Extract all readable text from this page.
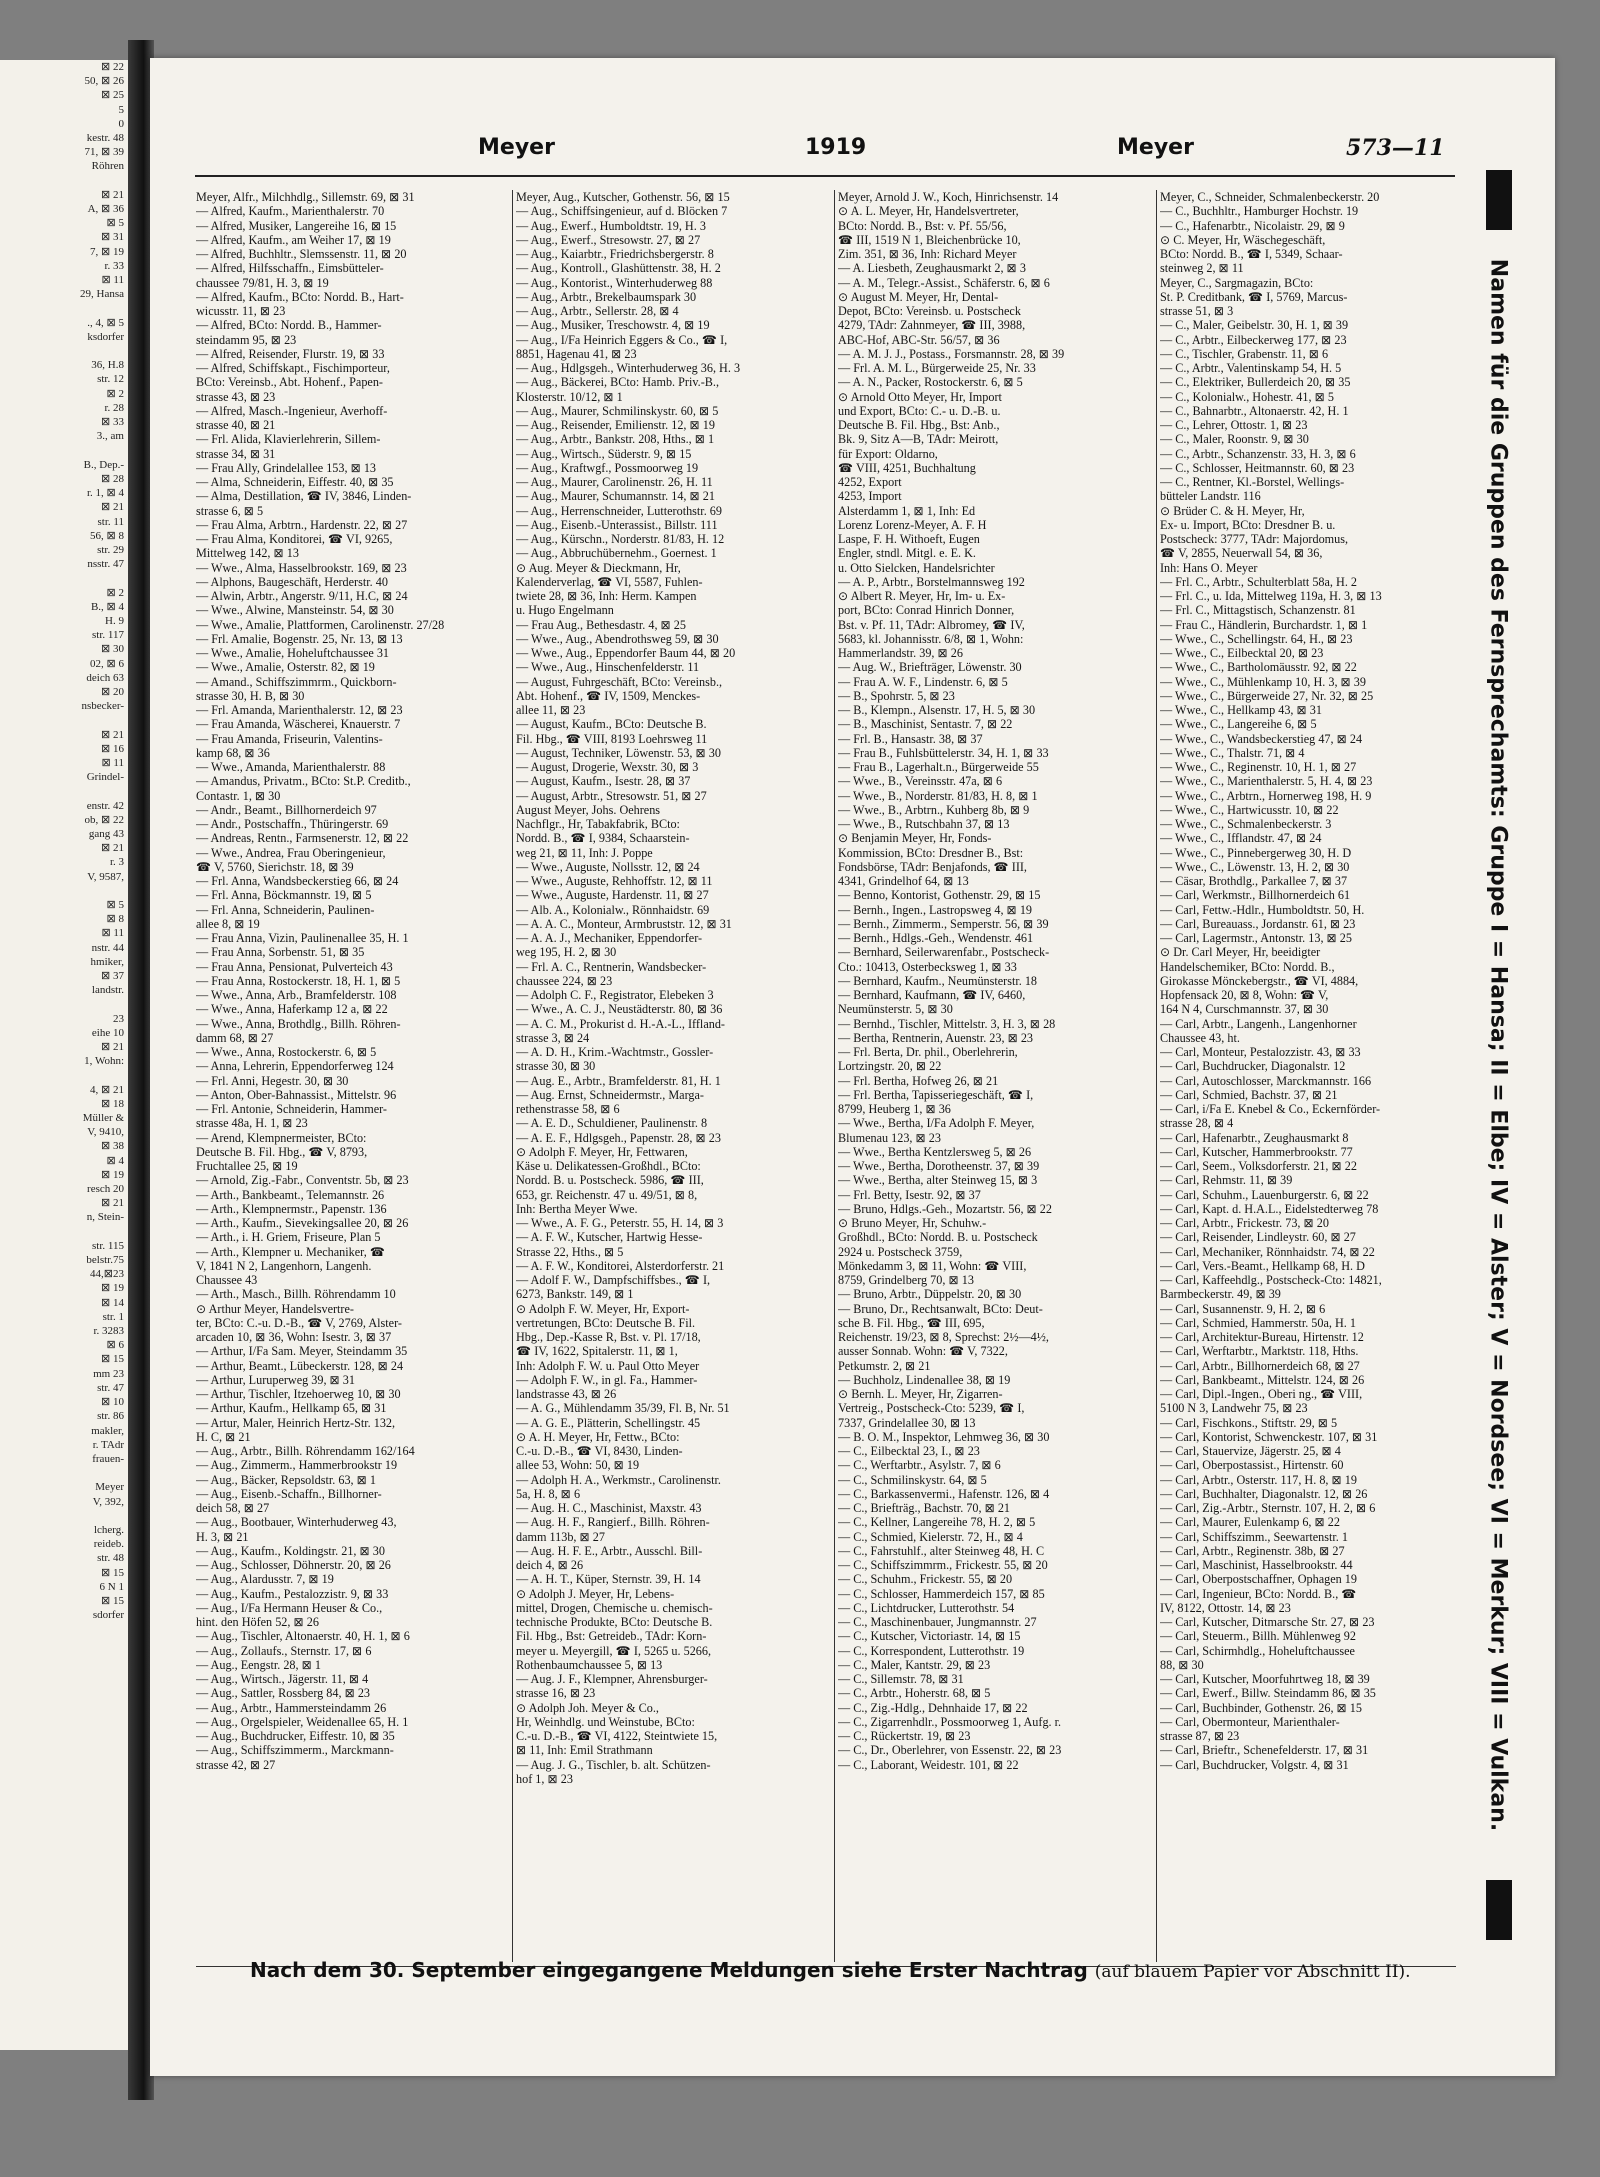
⊠ 22
50, ⊠ 26
⊠ 25
5
0
kestr. 48
71, ⊠ 39
Röhren

⊠ 21
A, ⊠ 36
⊠ 5
⊠ 31
7, ⊠ 19
r. 33
⊠ 11
29, Hansa

., 4, ⊠ 5
ksdorfer

36, H.8
str. 12
⊠ 2
r. 28
⊠ 33
3., am

B., Dep.-
⊠ 28
r. 1, ⊠ 4
⊠ 21
str. 11
56, ⊠ 8
str. 29
nsstr. 47

⊠ 2
B., ⊠ 4
H. 9
str. 117
⊠ 30
02, ⊠ 6
deich 63
⊠ 20
nsbecker-

⊠ 21
⊠ 16
⊠ 11
Grindel-

enstr. 42
ob, ⊠ 22
gang 43
⊠ 21
r. 3
V, 9587,

⊠ 5
⊠ 8
⊠ 11
nstr. 44
hmiker,
⊠ 37
landstr.

23
eihe 10
⊠ 21
1, Wohn:

4, ⊠ 21
⊠ 18
Müller &
V, 9410,
⊠ 38
⊠ 4
⊠ 19
resch 20
⊠ 21
n, Stein-

str. 115
belstr.75
44,⊠23
⊠ 19
⊠ 14
str. 1
r. 3283
⊠ 6
⊠ 15
mm 23
str. 47
⊠ 10
str. 86
makler,
r. TAdr
frauen-

Meyer
V, 392,

lcherg.
reideb.
str. 48
⊠ 15
6 N 1
⊠ 15
sdorfer
Meyer	1919	Meyer	573—11

Meyer, Alfr., Milchhdlg., Sillemstr. 69, ⊠ 31

— Alfred, Kaufm., Marienthalerstr. 70

— Alfred, Musiker, Langereihe 16, ⊠ 15

— Alfred, Kaufm., am Weiher 17, ⊠ 19

— Alfred, Buchhltr., Slemssenstr. 11, ⊠ 20

— Alfred, Hilfsschaffn., Eimsbütteler-

chaussee 79/81, H. 3, ⊠ 19

— Alfred, Kaufm., BCto: Nordd. B., Hart-

wicusstr. 11, ⊠ 23

— Alfred, BCto: Nordd. B., Hammer-

steindamm 95, ⊠ 23

— Alfred, Reisender, Flurstr. 19, ⊠ 33

— Alfred, Schiffskapt., Fischimporteur,

BCto: Vereinsb., Abt. Hohenf., Papen-

strasse 43, ⊠ 23

— Alfred, Masch.-Ingenieur, Averhoff-

strasse 40, ⊠ 21

— Frl. Alida, Klavierlehrerin, Sillem-

strasse 34, ⊠ 31

— Frau Ally, Grindelallee 153, ⊠ 13

— Alma, Schneiderin, Eiffestr. 40, ⊠ 35

— Alma, Destillation, ☎ IV, 3846, Linden-

strasse 6, ⊠ 5

— Frau Alma, Arbtrn., Hardenstr. 22, ⊠ 27

— Frau Alma, Konditorei, ☎ VI, 9265,

Mittelweg 142, ⊠ 13

— Wwe., Alma, Hasselbrookstr. 169, ⊠ 23

— Alphons, Baugeschäft, Herderstr. 40

— Alwin, Arbtr., Angerstr. 9/11, H.C, ⊠ 24

— Wwe., Alwine, Mansteinstr. 54, ⊠ 30

— Wwe., Amalie, Plattformen, Carolinenstr. 27/28

— Frl. Amalie, Bogenstr. 25, Nr. 13, ⊠ 13

— Wwe., Amalie, Hoheluftchaussee 31

— Wwe., Amalie, Osterstr. 82, ⊠ 19

— Amand., Schiffszimmrm., Quickborn-

strasse 30, H. B, ⊠ 30

— Frl. Amanda, Marienthalerstr. 12, ⊠ 23

— Frau Amanda, Wäscherei, Knauerstr. 7

— Frau Amanda, Friseurin, Valentins-

kamp 68, ⊠ 36

— Wwe., Amanda, Marienthalerstr. 88

— Amandus, Privatm., BCto: St.P. Creditb.,

Contastr. 1, ⊠ 30

— Andr., Beamt., Billhornerdeich 97

— Andr., Postschaffn., Thüringerstr. 69

— Andreas, Rentn., Farmsenerstr. 12, ⊠ 22

— Wwe., Andrea, Frau Oberingenieur,

☎ V, 5760, Sierichstr. 18, ⊠ 39

— Frl. Anna, Wandsbeckerstieg 66, ⊠ 24

— Frl. Anna, Böckmannstr. 19, ⊠ 5

— Frl. Anna, Schneiderin, Paulinen-

allee 8, ⊠ 19

— Frau Anna, Vizin, Paulinenallee 35, H. 1

— Frau Anna, Sorbenstr. 51, ⊠ 35

— Frau Anna, Pensionat, Pulverteich 43

— Frau Anna, Rostockerstr. 18, H. 1, ⊠ 5

— Wwe., Anna, Arb., Bramfelderstr. 108

— Wwe., Anna, Haferkamp 12 a, ⊠ 22

— Wwe., Anna, Brothdlg., Billh. Röhren-

damm 68, ⊠ 27

— Wwe., Anna, Rostockerstr. 6, ⊠ 5

— Anna, Lehrerin, Eppendorferweg 124

— Frl. Anni, Hegestr. 30, ⊠ 30

— Anton, Ober-Bahnassist., Mittelstr. 96

— Frl. Antonie, Schneiderin, Hammer-

strasse 48a, H. 1, ⊠ 23

— Arend, Klempnermeister, BCto:

Deutsche B. Fil. Hbg., ☎ V, 8793,

Fruchtallee 25, ⊠ 19

— Arnold, Zig.-Fabr., Conventstr. 5b, ⊠ 23

— Arth., Bankbeamt., Telemannstr. 26

— Arth., Klempnermstr., Papenstr. 136

— Arth., Kaufm., Sievekingsallee 20, ⊠ 26

— Arth., i. H. Griem, Friseure, Plan 5

— Arth., Klempner u. Mechaniker, ☎

V, 1841 N 2, Langenhorn, Langenh.

Chaussee 43

— Arth., Masch., Billh. Röhrendamm 10

⊙ Arthur Meyer, Handelsvertre-

ter, BCto: C.-u. D.-B., ☎ V, 2769, Alster-

arcaden 10, ⊠ 36, Wohn: Isestr. 3, ⊠ 37

— Arthur, I/Fa Sam. Meyer, Steindamm 35

— Arthur, Beamt., Lübeckerstr. 128, ⊠ 24

— Arthur, Luruperweg 39, ⊠ 31

— Arthur, Tischler, Itzehoerweg 10, ⊠ 30

— Arthur, Kaufm., Hellkamp 65, ⊠ 31

— Artur, Maler, Heinrich Hertz-Str. 132,

H. C, ⊠ 21

— Aug., Arbtr., Billh. Röhrendamm 162/164

— Aug., Zimmerm., Hammerbrookstr 19

— Aug., Bäcker, Repsoldstr. 63, ⊠ 1

— Aug., Eisenb.-Schaffn., Billhorner-

deich 58, ⊠ 27

— Aug., Bootbauer, Winterhuderweg 43,

H. 3, ⊠ 21

— Aug., Kaufm., Koldingstr. 21, ⊠ 30

— Aug., Schlosser, Döhnerstr. 20, ⊠ 26

— Aug., Alardusstr. 7, ⊠ 19

— Aug., Kaufm., Pestalozzistr. 9, ⊠ 33

— Aug., I/Fa Hermann Heuser & Co.,

hint. den Höfen 52, ⊠ 26

— Aug., Tischler, Altonaerstr. 40, H. 1, ⊠ 6

— Aug., Zollaufs., Sternstr. 17, ⊠ 6

— Aug., Eengstr. 28, ⊠ 1

— Aug., Wirtsch., Jägerstr. 11, ⊠ 4

— Aug., Sattler, Rossberg 84, ⊠ 23

— Aug., Arbtr., Hammersteindamm 26

— Aug., Orgelspieler, Weidenallee 65, H. 1

— Aug., Buchdrucker, Eiffestr. 10, ⊠ 35

— Aug., Schiffszimmerm., Marckmann-

strasse 42, ⊠ 27

Meyer, Aug., Kutscher, Gothenstr. 56, ⊠ 15

— Aug., Schiffsingenieur, auf d. Blöcken 7

— Aug., Ewerf., Humboldtstr. 19, H. 3

— Aug., Ewerf., Stresowstr. 27, ⊠ 27

— Aug., Kaiarbtr., Friedrichsbergerstr. 8

— Aug., Kontroll., Glashüttenstr. 38, H. 2

— Aug., Kontorist., Winterhuderweg 88

— Aug., Arbtr., Brekelbaumspark 30

— Aug., Arbtr., Sellerstr. 28, ⊠ 4

— Aug., Musiker, Treschowstr. 4, ⊠ 19

— Aug., I/Fa Heinrich Eggers & Co., ☎ I,

8851, Hagenau 41, ⊠ 23

— Aug., Hdlgsgeh., Winterhuderweg 36, H. 3

— Aug., Bäckerei, BCto: Hamb. Priv.-B.,

Klosterstr. 10/12, ⊠ 1

— Aug., Maurer, Schmilinskystr. 60, ⊠ 5

— Aug., Reisender, Emilienstr. 12, ⊠ 19

— Aug., Arbtr., Bankstr. 208, Hths., ⊠ 1

— Aug., Wirtsch., Süderstr. 9, ⊠ 15

— Aug., Kraftwgf., Possmoorweg 19

— Aug., Maurer, Carolinenstr. 26, H. 11

— Aug., Maurer, Schumannstr. 14, ⊠ 21

— Aug., Herrenschneider, Lutterothstr. 69

— Aug., Eisenb.-Unterassist., Billstr. 111

— Aug., Kürschn., Norderstr. 81/83, H. 12

— Aug., Abbruchübernehm., Goernest. 1

⊙ Aug. Meyer & Dieckmann, Hr,

Kalenderverlag, ☎ VI, 5587, Fuhlen-

twiete 28, ⊠ 36, Inh: Herm. Kampen

u. Hugo Engelmann

— Frau Aug., Bethesdastr. 4, ⊠ 25

— Wwe., Aug., Abendrothsweg 59, ⊠ 30

— Wwe., Aug., Eppendorfer Baum 44, ⊠ 20

— Wwe., Aug., Hinschenfelderstr. 11

— August, Fuhrgeschäft, BCto: Vereinsb.,

Abt. Hohenf., ☎ IV, 1509, Menckes-

allee 11, ⊠ 23

— August, Kaufm., BCto: Deutsche B.

Fil. Hbg., ☎ VIII, 8193 Loehrsweg 11

— August, Techniker, Löwenstr. 53, ⊠ 30

— August, Drogerie, Wexstr. 30, ⊠ 3

— August, Kaufm., Isestr. 28, ⊠ 37

— August, Arbtr., Stresowstr. 51, ⊠ 27

August Meyer, Johs. Oehrens

Nachflgr., Hr, Tabakfabrik, BCto:

Nordd. B., ☎ I, 9384, Schaarstein-

weg 21, ⊠ 11, Inh: J. Poppe

— Wwe., Auguste, Nollsstr. 12, ⊠ 24

— Wwe., Auguste, Rehhoffstr. 12, ⊠ 11

— Wwe., Auguste, Hardenstr. 11, ⊠ 27

— Alb. A., Kolonialw., Rönnhaidstr. 69

— A. A. C., Monteur, Armbruststr. 12, ⊠ 31

— A. A. J., Mechaniker, Eppendorfer-

weg 195, H. 2, ⊠ 30

— Frl. A. C., Rentnerin, Wandsbecker-

chaussee 224, ⊠ 23

— Adolph C. F., Registrator, Elebeken 3

— Wwe., A. C. J., Neustädterstr. 80, ⊠ 36

— A. C. M., Prokurist d. H.-A.-L., Iffland-

strasse 3, ⊠ 24

— A. D. H., Krim.-Wachtmstr., Gossler-

strasse 30, ⊠ 30

— Aug. E., Arbtr., Bramfelderstr. 81, H. 1

— Aug. Ernst, Schneidermstr., Marga-

rethenstrasse 58, ⊠ 6

— A. E. D., Schuldiener, Paulinenstr. 8

— A. E. F., Hdlgsgeh., Papenstr. 28, ⊠ 23

⊙ Adolph F. Meyer, Hr, Fettwaren,

Käse u. Delikatessen-Großhdl., BCto:

Nordd. B. u. Postscheck. 5986, ☎ III,

653, gr. Reichenstr. 47 u. 49/51, ⊠ 8,

Inh: Bertha Meyer Wwe.

— Wwe., A. F. G., Peterstr. 55, H. 14, ⊠ 3

— A. F. W., Kutscher, Hartwig Hesse-

Strasse 22, Hths., ⊠ 5

— A. F. W., Konditorei, Alsterdorferstr. 21

— Adolf F. W., Dampfschiffsbes., ☎ I,

6273, Bankstr. 149, ⊠ 1

⊙ Adolph F. W. Meyer, Hr, Export-

vertretungen, BCto: Deutsche B. Fil.

Hbg., Dep.-Kasse R, Bst. v. Pl. 17/18,

☎ IV, 1622, Spitalerstr. 11, ⊠ 1,

Inh: Adolph F. W. u. Paul Otto Meyer

— Adolph F. W., in gl. Fa., Hammer-

landstrasse 43, ⊠ 26

— A. G., Mühlendamm 35/39, Fl. B, Nr. 51

— A. G. E., Plätterin, Schellingstr. 45

⊙ A. H. Meyer, Hr, Fettw., BCto:

C.-u. D.-B., ☎ VI, 8430, Linden-

allee 53, Wohn: 50, ⊠ 19

— Adolph H. A., Werkmstr., Carolinenstr.

5a, H. 8, ⊠ 6

— Aug. H. C., Maschinist, Maxstr. 43

— Aug. H. F., Rangierf., Billh. Röhren-

damm 113b, ⊠ 27

— Aug. H. F. E., Arbtr., Ausschl. Bill-

deich 4, ⊠ 26

— A. H. T., Küper, Sternstr. 39, H. 14

⊙ Adolph J. Meyer, Hr, Lebens-

mittel, Drogen, Chemische u. chemisch-

technische Produkte, BCto: Deutsche B.

Fil. Hbg., Bst: Getreideb., TAdr: Korn-

meyer u. Meyergill, ☎ I, 5265 u. 5266,

Rothenbaumchaussee 5, ⊠ 13

— Aug. J. F., Klempner, Ahrensburger-

strasse 16, ⊠ 23

⊙ Adolph Joh. Meyer & Co.,

Hr, Weinhdlg. und Weinstube, BCto:

C.-u. D.-B., ☎ VI, 4122, Steintwiete 15,

⊠ 11, Inh: Emil Strathmann

— Aug. J. G., Tischler, b. alt. Schützen-

hof 1, ⊠ 23

Meyer, Arnold J. W., Koch, Hinrichsenstr. 14

⊙ A. L. Meyer, Hr, Handelsvertreter,

BCto: Nordd. B., Bst: v. Pf. 55/56,

☎ III, 1519 N 1, Bleichenbrücke 10,

Zim. 351, ⊠ 36, Inh: Richard Meyer

— A. Liesbeth, Zeughausmarkt 2, ⊠ 3

— A. M., Telegr.-Assist., Schäferstr. 6, ⊠ 6

⊙ August M. Meyer, Hr, Dental-

Depot, BCto: Vereinsb. u. Postscheck

4279, TAdr: Zahnmeyer, ☎ III, 3988,

ABC-Hof, ABC-Str. 56/57, ⊠ 36

— A. M. J. J., Postass., Forsmannstr. 28, ⊠ 39

— Frl. A. M. L., Bürgerweide 25, Nr. 33

— A. N., Packer, Rostockerstr. 6, ⊠ 5

⊙ Arnold Otto Meyer, Hr, Import

und Export, BCto: C.- u. D.-B. u.

Deutsche B. Fil. Hbg., Bst: Anb.,

Bk. 9, Sitz A—B, TAdr: Meirott,

für Export: Oldarno,

☎ VIII, 4251, Buchhaltung

4252, Export

4253, Import

Alsterdamm 1, ⊠ 1, Inh: Ed

Lorenz Lorenz-Meyer, A. F. H

Laspe, F. H. Withoeft, Eugen

Engler, stndl. Mitgl. e. E. K.

u. Otto Sielcken, Handelsrichter

— A. P., Arbtr., Borstelmannsweg 192

⊙ Albert R. Meyer, Hr, Im- u. Ex-

port, BCto: Conrad Hinrich Donner,

Bst. v. Pf. 11, TAdr: Albromey, ☎ IV,

5683, kl. Johannisstr. 6/8, ⊠ 1, Wohn:

Hammerlandstr. 39, ⊠ 26

— Aug. W., Briefträger, Löwenstr. 30

— Frau A. W. F., Lindenstr. 6, ⊠ 5

— B., Spohrstr. 5, ⊠ 23

— B., Klempn., Alsenstr. 17, H. 5, ⊠ 30

— B., Maschinist, Sentastr. 7, ⊠ 22

— Frl. B., Hansastr. 38, ⊠ 37

— Frau B., Fuhlsbüttelerstr. 34, H. 1, ⊠ 33

— Frau B., Lagerhalt.n., Bürgerweide 55

— Wwe., B., Vereinsstr. 47a, ⊠ 6

— Wwe., B., Norderstr. 81/83, H. 8, ⊠ 1

— Wwe., B., Arbtrn., Kuhberg 8b, ⊠ 9

— Wwe., B., Rutschbahn 37, ⊠ 13

⊙ Benjamin Meyer, Hr, Fonds-

Kommission, BCto: Dresdner B., Bst:

Fondsbörse, TAdr: Benjafonds, ☎ III,

4341, Grindelhof 64, ⊠ 13

— Benno, Kontorist, Gothenstr. 29, ⊠ 15

— Bernh., Ingen., Lastropsweg 4, ⊠ 19

— Bernh., Zimmerm., Semperstr. 56, ⊠ 39

— Bernh., Hdlgs.-Geh., Wendenstr. 461

— Bernhard, Seilerwarenfabr., Postscheck-

Cto.: 10413, Osterbecksweg 1, ⊠ 33

— Bernhard, Kaufm., Neumünsterstr. 18

— Bernhard, Kaufmann, ☎ IV, 6460,

Neumünsterstr. 5, ⊠ 30

— Bernhd., Tischler, Mittelstr. 3, H. 3, ⊠ 28

— Bertha, Rentnerin, Auenstr. 23, ⊠ 23

— Frl. Berta, Dr. phil., Oberlehrerin,

Lortzingstr. 20, ⊠ 22

— Frl. Bertha, Hofweg 26, ⊠ 21

— Frl. Bertha, Tapisseriegeschäft, ☎ I,

8799, Heuberg 1, ⊠ 36

— Wwe., Bertha, I/Fa Adolph F. Meyer,

Blumenau 123, ⊠ 23

— Wwe., Bertha Kentzlersweg 5, ⊠ 26

— Wwe., Bertha, Dorotheenstr. 37, ⊠ 39

— Wwe., Bertha, alter Steinweg 15, ⊠ 3

— Frl. Betty, Isestr. 92, ⊠ 37

— Bruno, Hdlgs.-Geh., Mozartstr. 56, ⊠ 22

⊙ Bruno Meyer, Hr, Schuhw.-

Großhdl., BCto: Nordd. B. u. Postscheck

2924 u. Postscheck 3759,

Mönkedamm 3, ⊠ 11, Wohn: ☎ VIII,

8759, Grindelberg 70, ⊠ 13

— Bruno, Arbtr., Düppelstr. 20, ⊠ 30

— Bruno, Dr., Rechtsanwalt, BCto: Deut-

sche B. Fil. Hbg., ☎ III, 695,

Reichenstr. 19/23, ⊠ 8, Sprechst: 2½—4½,

ausser Sonnab. Wohn: ☎ V, 7322,

Petkumstr. 2, ⊠ 21

— Buchholz, Lindenallee 38, ⊠ 19

⊙ Bernh. L. Meyer, Hr, Zigarren-

Vertreig., Postscheck-Cto: 5239, ☎ I,

7337, Grindelallee 30, ⊠ 13

— B. O. M., Inspektor, Lehmweg 36, ⊠ 30

— C., Eilbecktal 23, I., ⊠ 23

— C., Werftarbtr., Asylstr. 7, ⊠ 6

— C., Schmilinskystr. 64, ⊠ 5

— C., Barkassenvermi., Hafenstr. 126, ⊠ 4

— C., Briefträg., Bachstr. 70, ⊠ 21

— C., Kellner, Langereihe 78, H. 2, ⊠ 5

— C., Schmied, Kielerstr. 72, H., ⊠ 4

— C., Fahrstuhlf., alter Steinweg 48, H. C

— C., Schiffszimmrm., Frickestr. 55, ⊠ 20

— C., Schuhm., Frickestr. 55, ⊠ 20

— C., Schlosser, Hammerdeich 157, ⊠ 85

— C., Lichtdrucker, Lutterothstr. 54

— C., Maschinenbauer, Jungmannstr. 27

— C., Kutscher, Victoriastr. 14, ⊠ 15

— C., Korrespondent, Lutterothstr. 19

— C., Maler, Kantstr. 29, ⊠ 23

— C., Sillemstr. 78, ⊠ 31

— C., Arbtr., Hoherstr. 68, ⊠ 5

— C., Zig.-Hdlg., Dehnhaide 17, ⊠ 22

— C., Zigarrenhdlr., Possmoorweg 1, Aufg. r.

— C., Rückertstr. 19, ⊠ 23

— C., Dr., Oberlehrer, von Essenstr. 22, ⊠ 23

— C., Laborant, Weidestr. 101, ⊠ 22

Meyer, C., Schneider, Schmalenbeckerstr. 20

— C., Buchhltr., Hamburger Hochstr. 19

— C., Hafenarbtr., Nicolaistr. 29, ⊠ 9

⊙ C. Meyer, Hr, Wäschegeschäft,

BCto: Nordd. B., ☎ I, 5349, Schaar-

steinweg 2, ⊠ 11

Meyer, C., Sargmagazin, BCto:

St. P. Creditbank, ☎ I, 5769, Marcus-

strasse 51, ⊠ 3

— C., Maler, Geibelstr. 30, H. 1, ⊠ 39

— C., Arbtr., Eilbeckerweg 177, ⊠ 23

— C., Tischler, Grabenstr. 11, ⊠ 6

— C., Arbtr., Valentinskamp 54, H. 5

— C., Elektriker, Bullerdeich 20, ⊠ 35

— C., Kolonialw., Hohestr. 41, ⊠ 5

— C., Bahnarbtr., Altonaerstr. 42, H. 1

— C., Lehrer, Ottostr. 1, ⊠ 23

— C., Maler, Roonstr. 9, ⊠ 30

— C., Arbtr., Schanzenstr. 33, H. 3, ⊠ 6

— C., Schlosser, Heitmannstr. 60, ⊠ 23

— C., Rentner, Kl.-Borstel, Wellings-

bütteler Landstr. 116

⊙ Brüder C. & H. Meyer, Hr,

Ex- u. Import, BCto: Dresdner B. u.

Postscheck: 3777, TAdr: Majordomus,

☎ V, 2855, Neuerwall 54, ⊠ 36,

Inh: Hans O. Meyer

— Frl. C., Arbtr., Schulterblatt 58a, H. 2

— Frl. C., u. Ida, Mittelweg 119a, H. 3, ⊠ 13

— Frl. C., Mittagstisch, Schanzenstr. 81

— Frau C., Händlerin, Burchardstr. 1, ⊠ 1

— Wwe., C., Schellingstr. 64, H., ⊠ 23

— Wwe., C., Eilbecktal 20, ⊠ 23

— Wwe., C., Bartholomäusstr. 92, ⊠ 22

— Wwe., C., Mühlenkamp 10, H. 3, ⊠ 39

— Wwe., C., Bürgerweide 27, Nr. 32, ⊠ 25

— Wwe., C., Hellkamp 43, ⊠ 31

— Wwe., C., Langereihe 6, ⊠ 5

— Wwe., C., Wandsbeckerstieg 47, ⊠ 24

— Wwe., C., Thalstr. 71, ⊠ 4

— Wwe., C., Reginenstr. 10, H. 1, ⊠ 27

— Wwe., C., Marienthalerstr. 5, H. 4, ⊠ 23

— Wwe., C., Arbtrn., Hornerweg 198, H. 9

— Wwe., C., Hartwicusstr. 10, ⊠ 22

— Wwe., C., Schmalenbeckerstr. 3

— Wwe., C., Ifflandstr. 47, ⊠ 24

— Wwe., C., Pinnebergerweg 30, H. D

— Wwe., C., Löwenstr. 13, H. 2, ⊠ 30

— Cäsar, Brothdlg., Parkallee 7, ⊠ 37

— Carl, Werkmstr., Billhornerdeich 61

— Carl, Fettw.-Hdlr., Humboldtstr. 50, H.

— Carl, Bureauass., Jordanstr. 61, ⊠ 23

— Carl, Lagermstr., Antonstr. 13, ⊠ 25

⊙ Dr. Carl Meyer, Hr, beeidigter

Handelschemiker, BCto: Nordd. B.,

Girokasse Mönckebergstr., ☎ VI, 4884,

Hopfensack 20, ⊠ 8, Wohn: ☎ V,

164 N 4, Curschmannstr. 37, ⊠ 30

— Carl, Arbtr., Langenh., Langenhorner

Chaussee 43, ht.

— Carl, Monteur, Pestalozzistr. 43, ⊠ 33

— Carl, Buchdrucker, Diagonalstr. 12

— Carl, Autoschlosser, Marckmannstr. 166

— Carl, Schmied, Bachstr. 37, ⊠ 21

— Carl, i/Fa E. Knebel & Co., Eckernförder-

strasse 28, ⊠ 4

— Carl, Hafenarbtr., Zeughausmarkt 8

— Carl, Kutscher, Hammerbrookstr. 77

— Carl, Seem., Volksdorferstr. 21, ⊠ 22

— Carl, Rehmstr. 11, ⊠ 39

— Carl, Schuhm., Lauenburgerstr. 6, ⊠ 22

— Carl, Kapt. d. H.A.L., Eidelstedterweg 78

— Carl, Arbtr., Frickestr. 73, ⊠ 20

— Carl, Reisender, Lindleystr. 60, ⊠ 27

— Carl, Mechaniker, Rönnhaidstr. 74, ⊠ 22

— Carl, Vers.-Beamt., Hellkamp 68, H. D

— Carl, Kaffeehdlg., Postscheck-Cto: 14821,

Barmbeckerstr. 49, ⊠ 39

— Carl, Susannenstr. 9, H. 2, ⊠ 6

— Carl, Schmied, Hammerstr. 50a, H. 1

— Carl, Architektur-Bureau, Hirtenstr. 12

— Carl, Werftarbtr., Marktstr. 118, Hths.

— Carl, Arbtr., Billhornerdeich 68, ⊠ 27

— Carl, Bankbeamt., Mittelstr. 124, ⊠ 26

— Carl, Dipl.-Ingen., Oberi ng., ☎ VIII,

5100 N 3, Landwehr 75, ⊠ 23

— Carl, Fischkons., Stiftstr. 29, ⊠ 5

— Carl, Kontorist, Schwenckestr. 107, ⊠ 31

— Carl, Stauervize, Jägerstr. 25, ⊠ 4

— Carl, Oberpostassist., Hirtenstr. 60

— Carl, Arbtr., Osterstr. 117, H. 8, ⊠ 19

— Carl, Buchhalter, Diagonalstr. 12, ⊠ 26

— Carl, Zig.-Arbtr., Sternstr. 107, H. 2, ⊠ 6

— Carl, Maurer, Eulenkamp 6, ⊠ 22

— Carl, Schiffszimm., Seewartenstr. 1

— Carl, Arbtr., Reginenstr. 38b, ⊠ 27

— Carl, Maschinist, Hasselbrookstr. 44

— Carl, Oberpostschaffner, Ophagen 19

— Carl, Ingenieur, BCto: Nordd. B., ☎

IV, 8122, Ottostr. 14, ⊠ 23

— Carl, Kutscher, Ditmarsche Str. 27, ⊠ 23

— Carl, Steuerm., Billh. Mühlenweg 92

— Carl, Schirmhdlg., Hoheluftchaussee

88, ⊠ 30

— Carl, Kutscher, Moorfuhrtweg 18, ⊠ 39

— Carl, Ewerf., Billw. Steindamm 86, ⊠ 35

— Carl, Buchbinder, Gothenstr. 26, ⊠ 15

— Carl, Obermonteur, Marienthaler-

strasse 87, ⊠ 23

— Carl, Brieftr., Schenefelderstr. 17, ⊠ 31

— Carl, Buchdrucker, Volgstr. 4, ⊠ 31	Namen für die Gruppen des Fernsprechamts: Gruppe I = Hansa; II = Elbe; IV = Alster; V = Nordsee; VI = Merkur; VIII = Vulkan.
Nach dem 30. September eingegangene Meldungen siehe Erster Nachtrag (auf blauem Papier vor Abschnitt II).
